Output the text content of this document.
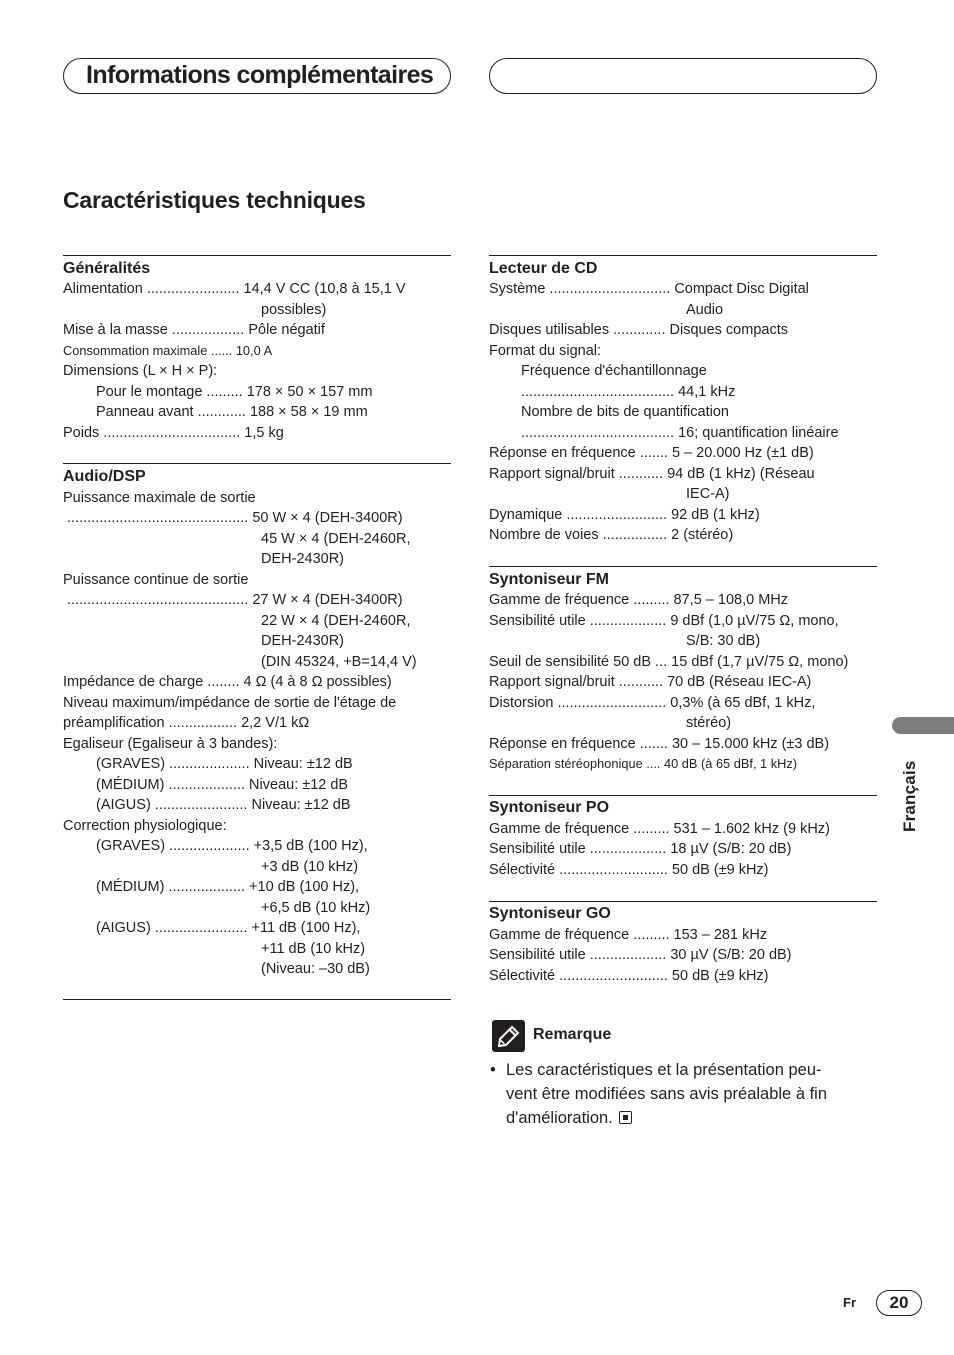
Informations complémentaires
Caractéristiques techniques
Généralités
Alimentation ....................... 14,4 V CC (10,8 à 15,1 V
possibles)
Mise à la masse .................. Pôle négatif
Consommation maximale ...... 10,0 A
Dimensions (L × H × P):
Pour le montage ......... 178 × 50 × 157 mm
Panneau avant ............ 188 × 58 × 19 mm
Poids .................................. 1,5 kg
Audio/DSP
Puissance maximale de sortie
............................................. 50 W × 4 (DEH-3400R)
45 W × 4 (DEH-2460R,
DEH-2430R)
Puissance continue de sortie
............................................. 27 W × 4 (DEH-3400R)
22 W × 4 (DEH-2460R,
DEH-2430R)
(DIN 45324, +B=14,4 V)
Impédance de charge ........ 4 Ω (4 à 8 Ω possibles)
Niveau maximum/impédance de sortie de l'étage de
préamplification ................. 2,2 V/1 kΩ
Egaliseur (Egaliseur à 3 bandes):
(GRAVES) .................... Niveau: ±12 dB
(MÉDIUM) ................... Niveau: ±12 dB
(AIGUS) ....................... Niveau: ±12 dB
Correction physiologique:
(GRAVES) .................... +3,5 dB (100 Hz),
+3 dB (10 kHz)
(MÉDIUM) ................... +10 dB (100 Hz),
+6,5 dB (10 kHz)
(AIGUS) ....................... +11 dB (100 Hz),
+11 dB (10 kHz)
(Niveau: –30 dB)
Lecteur de CD
Système .............................. Compact Disc Digital
Audio
Disques utilisables ............. Disques compacts
Format du signal:
Fréquence d'échantillonnage
...................................... 44,1 kHz
Nombre de bits de quantification
...................................... 16; quantification linéaire
Réponse en fréquence ....... 5 – 20.000 Hz (±1 dB)
Rapport signal/bruit ........... 94 dB (1 kHz) (Réseau
IEC-A)
Dynamique ......................... 92 dB (1 kHz)
Nombre de voies ................ 2 (stéréo)
Syntoniseur FM
Gamme de fréquence ......... 87,5 – 108,0 MHz
Sensibilité utile ................... 9 dBf (1,0 µV/75 Ω, mono,
S/B: 30 dB)
Seuil de sensibilité 50 dB ... 15 dBf (1,7 µV/75 Ω, mono)
Rapport signal/bruit ........... 70 dB (Réseau IEC-A)
Distorsion ........................... 0,3% (à 65 dBf, 1 kHz,
stéréo)
Réponse en fréquence ....... 30 – 15.000 kHz (±3 dB)
Séparation stéréophonique .... 40 dB (à 65 dBf, 1 kHz)
Syntoniseur PO
Gamme de fréquence ......... 531 – 1.602 kHz (9 kHz)
Sensibilité utile ................... 18 µV (S/B: 20 dB)
Sélectivité ........................... 50 dB (±9 kHz)
Syntoniseur GO
Gamme de fréquence ......... 153 – 281 kHz
Sensibilité utile ................... 30 µV (S/B: 20 dB)
Sélectivité ........................... 50 dB (±9 kHz)
Remarque
• Les caractéristiques et la présentation peu-
vent être modifiées sans avis préalable à fin
d'amélioration.
Français
Fr	20
